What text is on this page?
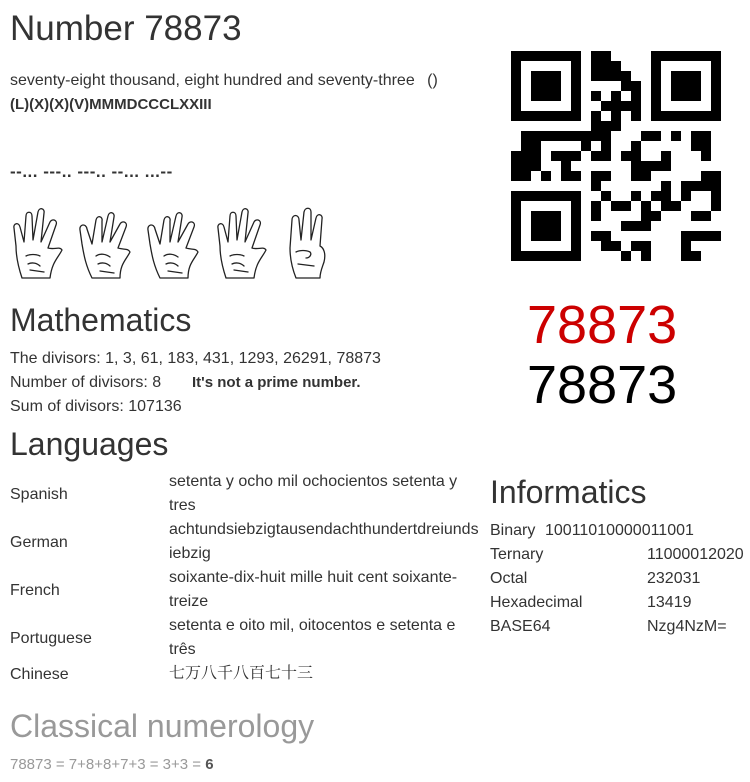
Number 78873
seventy-eight thousand, eight hundred and seventy-three ()
(L)(X)(X)(V)MMMDCCCLXXIII
--... ---.. ---.. --... ...--
78873
78873
Mathematics
The divisors: 1, 3, 61, 183, 431, 1293, 26291, 78873
Number of divisors: 8 It's not a prime number.
Sum of divisors: 107136
Languages
Spanish
setenta y ocho mil ochocientos setenta y tres
German
achtundsiebzigtausendachthundertdreiundsiebzig
French
soixante-dix-huit mille huit cent soixante-treize
Portuguese
setenta e oito mil, oitocentos e setenta e três
Chinese	七万八千八百七十三
Informatics
Binary 10011010000011001
Ternary	11000012020
Octal	232031
Hexadecimal	13419
BASE64	Nzg4NzM=
Classical numerology
78873 = 7+8+8+7+3 = 3+3 = 6
